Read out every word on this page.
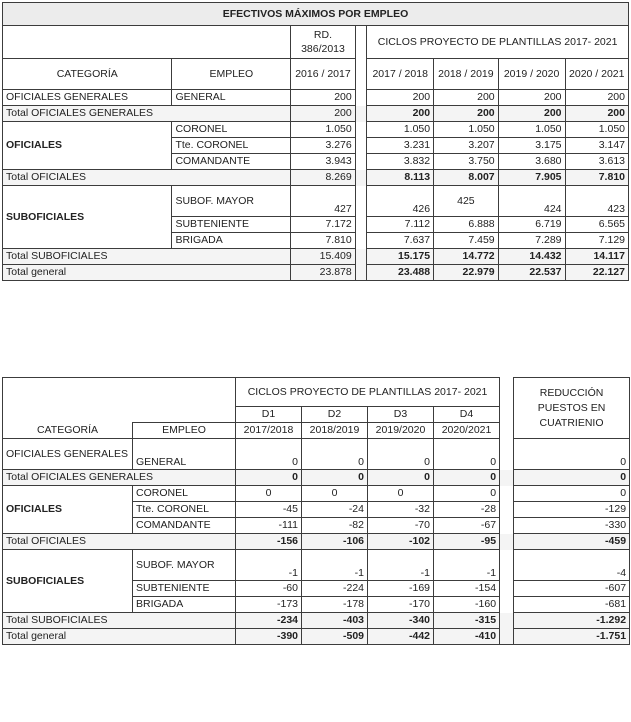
EFECTIVOS MÁXIMOS POR EMPLEO							
		RD. 386/2013		CICLOS PROYECTO DE PLANTILLAS 2017- 2021			
CATEGORÍA	EMPLEO	2016 / 2017		2017 / 2018	2018 / 2019	2019 / 2020	2020 / 2021
OFICIALES GENERALES	GENERAL	200		200	200	200	200
Total OFICIALES GENERALES		200		200	200	200	200
OFICIALES	CORONEL	1.050		1.050	1.050	1.050	1.050
	Tte. CORONEL	3.276		3.231	3.207	3.175	3.147
	COMANDANTE	3.943		3.832	3.750	3.680	3.613
Total OFICIALES		8.269		8.113	8.007	7.905	7.810
SUBOFICIALES	SUBOF. MAYOR	427		426	425	424	423
	SUBTENIENTE	7.172		7.112	6.888	6.719	6.565
	BRIGADA	7.810		7.637	7.459	7.289	7.129
Total SUBOFICIALES		15.409		15.175	14.772	14.432	14.117
Total general		23.878		23.488	22.979	22.537	22.127
		CICLOS PROYECTO DE PLANTILLAS 2017- 2021					REDUCCIÓN PUESTOS EN CUATRIENIO
		D1	D2	D3	D4		
CATEGORÍA	EMPLEO	2017/2018	2018/2019	2019/2020	2020/2021		
OFICIALES GENERALES	GENERAL	0	0	0	0		0
Total OFICIALES GENERALES		0	0	0	0		0
OFICIALES	CORONEL	0	0	0	0		0
	Tte. CORONEL	-45	-24	-32	-28		-129
	COMANDANTE	-111	-82	-70	-67		-330
Total OFICIALES		-156	-106	-102	-95		-459
SUBOFICIALES	SUBOF. MAYOR	-1	-1	-1	-1		-4
	SUBTENIENTE	-60	-224	-169	-154		-607
	BRIGADA	-173	-178	-170	-160		-681
Total SUBOFICIALES		-234	-403	-340	-315		-1.292
Total general		-390	-509	-442	-410		-1.751
